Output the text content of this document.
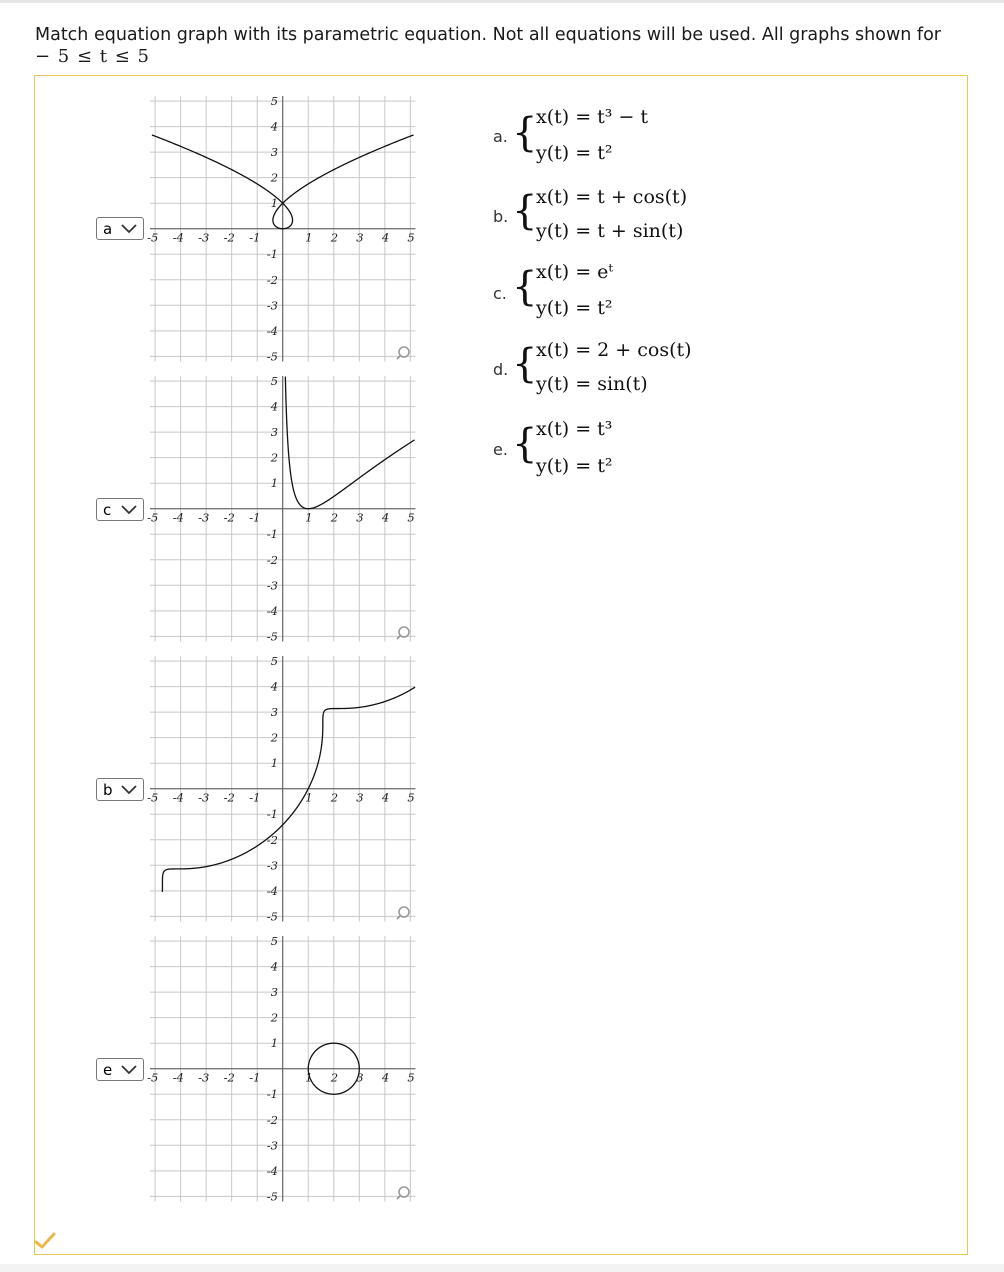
Match equation graph with its parametric equation. Not all equations will be used. All graphs shown for
− 5 ≤ t ≤ 5
a
c
b
e
-5 -4 -3 -2 -1	1 2 3 4 5
5
4
3
2
1
-1
-2
-3
-4
-5
-5 -4 -3 -2 -1	1 2 3 4 5
5
4
3
2
1
-1
-2
-3
-4
-5
-5 -4 -3 -2 -1	1 2 3 4 5
5
4
3
2
1
-1
-2
-3
-4
-5
-5 -4 -3 -2 -1	1 2 3 4 5
5
4
3
2
1
-1
-2
-3
-4
-5
a. {
x(t) = t³ − t
y(t) = t²
b. {
x(t) = t + cos(t)
y(t) = t + sin(t)
c. {
x(t) = eᵗ
y(t) = t²
d. {
x(t) = 2 + cos(t)
y(t) = sin(t)
e. {
x(t) = t³
y(t) = t²
